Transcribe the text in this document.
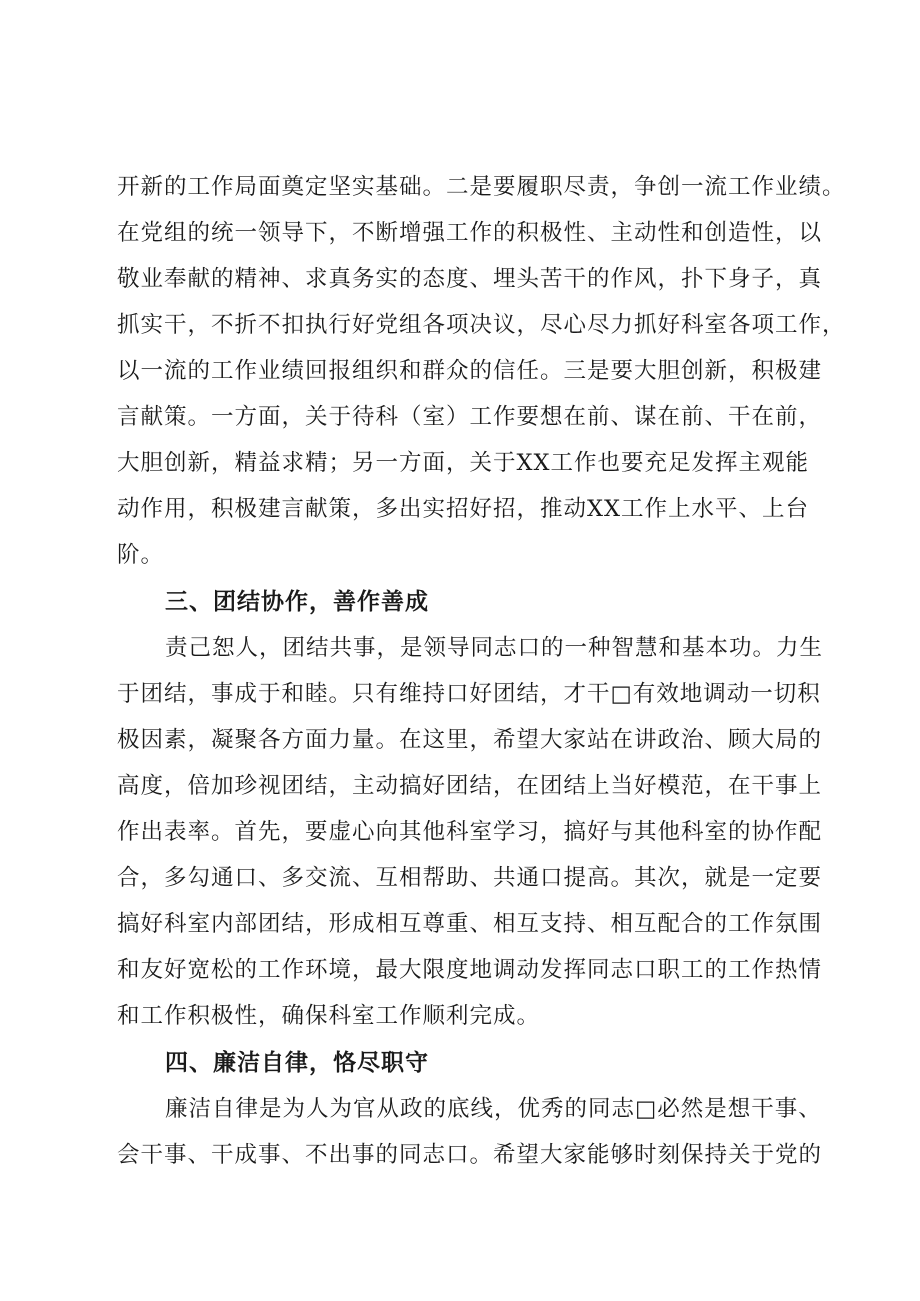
开新的工作局面奠定坚实基础。二是要履职尽责，争创一流工作业绩。
在党组的统一领导下，不断增强工作的积极性、主动性和创造性，以
敬业奉献的精神、求真务实的态度、埋头苦干的作风，扑下身子，真
抓实干，不折不扣执行好党组各项决议，尽心尽力抓好科室各项工作，
以一流的工作业绩回报组织和群众的信任。三是要大胆创新，积极建
言献策。一方面，关于待科（室）工作要想在前、谋在前、干在前，
大胆创新，精益求精；另一方面，关于XX工作也要充足发挥主观能
动作用，积极建言献策，多出实招好招，推动XX工作上水平、上台
阶。
三、团结协作，善作善成
责己恕人，团结共事，是领导同志口的一种智慧和基本功。力生
于团结，事成于和睦。只有维持口好团结，才干□有效地调动一切积
极因素，凝聚各方面力量。在这里，希望大家站在讲政治、顾大局的
高度，倍加珍视团结，主动搞好团结，在团结上当好模范，在干事上
作出表率。首先，要虚心向其他科室学习，搞好与其他科室的协作配
合，多勾通口、多交流、互相帮助、共通口提高。其次，就是一定要
搞好科室内部团结，形成相互尊重、相互支持、相互配合的工作氛围
和友好宽松的工作环境，最大限度地调动发挥同志口职工的工作热情
和工作积极性，确保科室工作顺利完成。
四、廉洁自律，恪尽职守
廉洁自律是为人为官从政的底线，优秀的同志□必然是想干事、
会干事、干成事、不出事的同志口。希望大家能够时刻保持关于党的
